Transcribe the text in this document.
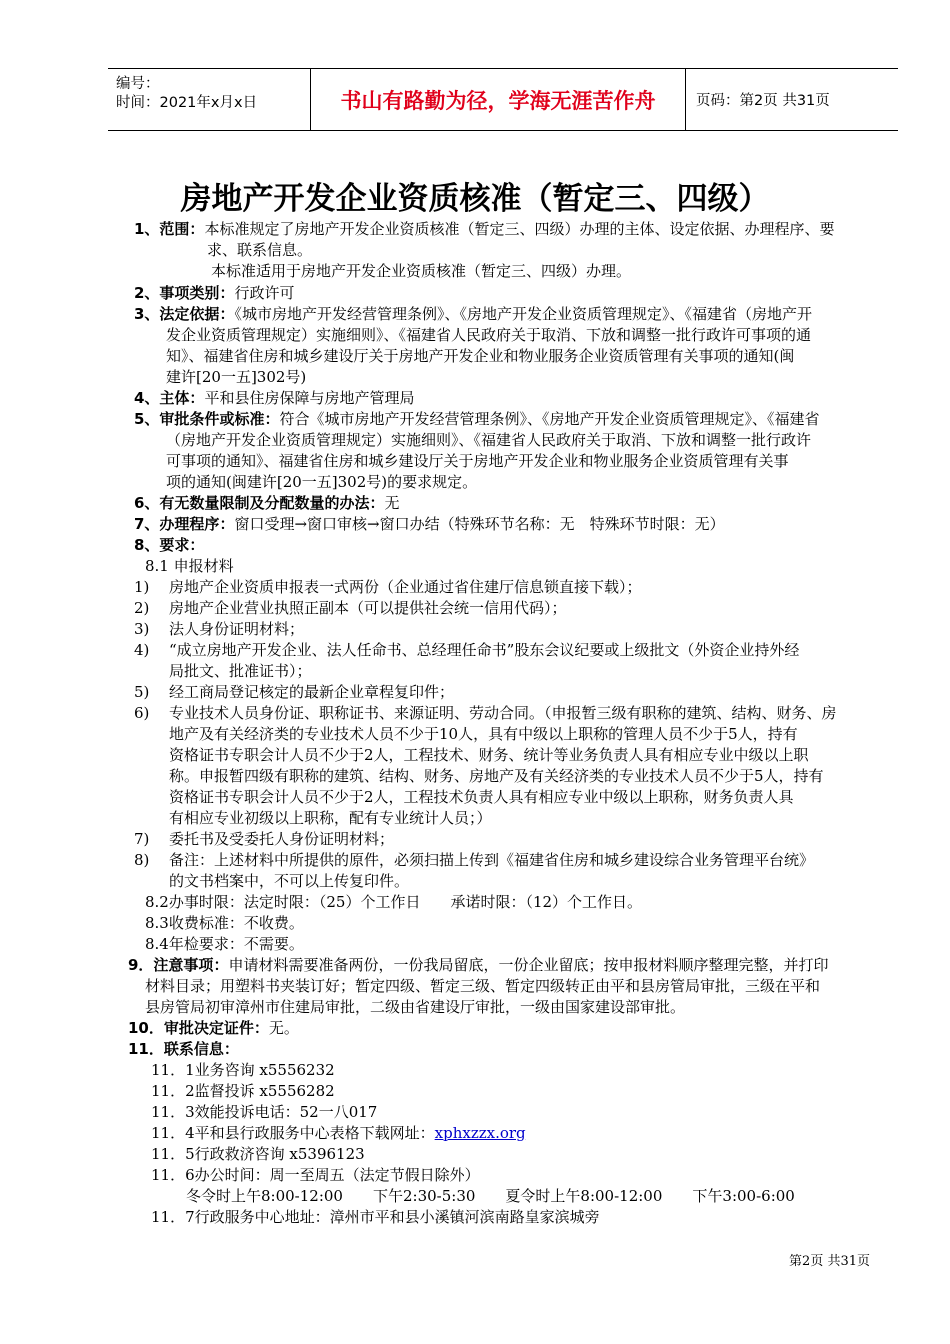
编号：
时间：2021年x月x日	书山有路勤为径，学海无涯苦作舟	页码：第2页 共31页
房地产开发企业资质核准（暂定三、四级）
1、范围：本标准规定了房地产开发企业资质核准（暂定三、四级）办理的主体、设定依据、办理程序、要
求、联系信息。
本标准适用于房地产开发企业资质核准（暂定三、四级）办理。
2、事项类别：行政许可
3、法定依据：《城市房地产开发经营管理条例》、《房地产开发企业资质管理规定》、《福建省（房地产开
发企业资质管理规定）实施细则》、《福建省人民政府关于取消、下放和调整一批行政许可事项的通
知》、福建省住房和城乡建设厅关于房地产开发企业和物业服务企业资质管理有关事项的通知(闽
建许[20一五]302号)
4、主体：平和县住房保障与房地产管理局
5、审批条件或标准：符合《城市房地产开发经营管理条例》、《房地产开发企业资质管理规定》、《福建省
（房地产开发企业资质管理规定）实施细则》、《福建省人民政府关于取消、下放和调整一批行政许
可事项的通知》、福建省住房和城乡建设厅关于房地产开发企业和物业服务企业资质管理有关事
项的通知(闽建许[20一五]302号)的要求规定。
6、有无数量限制及分配数量的办法：无
7、办理程序：窗口受理→窗口审核→窗口办结（特殊环节名称：无　特殊环节时限：无）
8、要求：
8.1 申报材料
1) 房地产企业资质申报表一式两份（企业通过省住建厅信息锁直接下载）；
2) 房地产企业营业执照正副本（可以提供社会统一信用代码）；
3) 法人身份证明材料；
4) “成立房地产开发企业、法人任命书、总经理任命书”股东会议纪要或上级批文（外资企业持外经
局批文、批准证书）；
5) 经工商局登记核定的最新企业章程复印件；
6) 专业技术人员身份证、职称证书、来源证明、劳动合同。（申报暂三级有职称的建筑、结构、财务、房
地产及有关经济类的专业技术人员不少于10人，具有中级以上职称的管理人员不少于5人，持有
资格证书专职会计人员不少于2人，工程技术、财务、统计等业务负责人具有相应专业中级以上职
称。申报暂四级有职称的建筑、结构、财务、房地产及有关经济类的专业技术人员不少于5人，持有
资格证书专职会计人员不少于2人，工程技术负责人具有相应专业中级以上职称，财务负责人具
有相应专业初级以上职称，配有专业统计人员；）
7) 委托书及受委托人身份证明材料；
8) 备注：上述材料中所提供的原件，必须扫描上传到《福建省住房和城乡建设综合业务管理平台统》
的文书档案中，不可以上传复印件。
8.2办事时限：法定时限：（25）个工作日　　承诺时限：（12）个工作日。
8.3收费标准：不收费。
8.4年检要求：不需要。
9．注意事项：申请材料需要准备两份，一份我局留底，一份企业留底；按申报材料顺序整理完整，并打印
材料目录；用塑料书夹装订好；暂定四级、暂定三级、暂定四级转正由平和县房管局审批，三级在平和
县房管局初审漳州市住建局审批，二级由省建设厅审批，一级由国家建设部审批。
10．审批决定证件：无。
11．联系信息：
11．1业务咨询 x5556232
11．2监督投诉 x5556282
11．3效能投诉电话：52一八017
11．4平和县行政服务中心表格下载网址：xphxzzx.org
11．5行政救济咨询 x5396123
11．6办公时间：周一至周五（法定节假日除外）
冬令时上午8:00-12:00　　下午2:30-5:30　　夏令时上午8:00-12:00　　下午3:00-6:00
11．7行政服务中心地址：漳州市平和县小溪镇河滨南路皇家滨城旁
第2页 共31页
